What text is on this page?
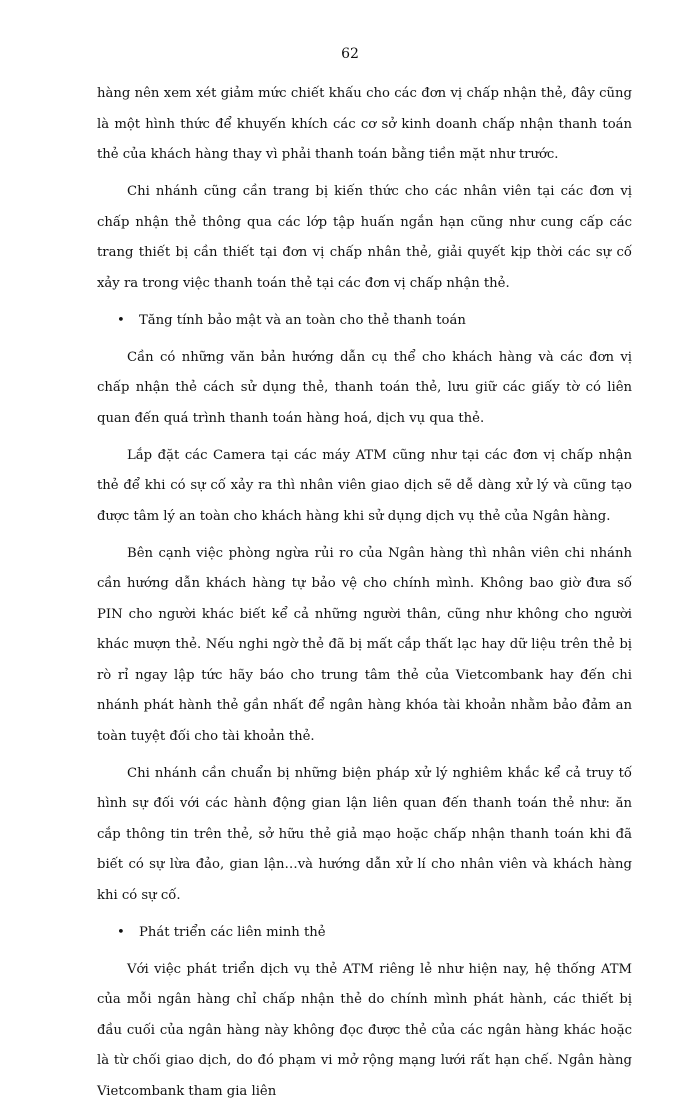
62

hàng nên xem xét giảm mức chiết khấu cho các đơn vị chấp nhận thẻ, đây cũng là một hình thức để khuyến khích các cơ sở kinh doanh chấp nhận thanh toán thẻ của khách hàng thay vì phải thanh toán bằng tiền mặt như trước.

Chi nhánh cũng cần trang bị kiến thức cho các nhân viên tại các đơn vị chấp nhận thẻ thông qua các lớp tập huấn ngắn hạn cũng như cung cấp các trang thiết bị cần thiết tại đơn vị chấp nhân thẻ, giải quyết kịp thời các sự cố xảy ra trong việc thanh toán thẻ tại các đơn vị chấp nhận thẻ.

•	Tăng tính bảo mật và an toàn cho thẻ thanh toán

Cần có những văn bản hướng dẫn cụ thể cho khách hàng và các đơn vị chấp nhận thẻ cách sử dụng thẻ, thanh toán thẻ, lưu giữ các giấy tờ có liên quan đến quá trình thanh toán hàng hoá, dịch vụ qua thẻ.

Lắp đặt các Camera tại các máy ATM cũng như tại các đơn vị chấp nhận thẻ để khi có sự cố xảy ra thì nhân viên giao dịch sẽ dễ dàng xử lý và cũng tạo được tâm lý an toàn cho khách hàng khi sử dụng dịch vụ thẻ của Ngân hàng.

Bên cạnh việc phòng ngừa rủi ro của Ngân hàng thì nhân viên chi nhánh cần hướng dẫn khách hàng tự bảo vệ cho chính mình. Không bao giờ đưa số PIN cho người khác biết kể cả những người thân, cũng như không cho người khác mượn thẻ. Nếu nghi ngờ thẻ đã bị mất cắp thất lạc hay dữ liệu trên thẻ bị rò rỉ ngay lập tức hãy báo cho trung tâm thẻ của Vietcombank hay đến chi nhánh phát hành thẻ gần nhất để ngân hàng khóa tài khoản nhằm bảo đảm an toàn tuyệt đối cho tài khoản thẻ.

Chi nhánh cần chuẩn bị những biện pháp xử lý nghiêm khắc kể cả truy tố hình sự đối với các hành động gian lận liên quan đến thanh toán thẻ như: ăn cắp thông tin trên thẻ, sở hữu thẻ giả mạo hoặc chấp nhận thanh toán khi đã biết có sự lừa đảo, gian lận…và hướng dẫn xử lí cho nhân viên và khách hàng khi có sự cố.

•	Phát triển các liên minh thẻ

Với việc phát triển dịch vụ thẻ ATM riêng lẻ như hiện nay, hệ thống ATM của mỗi ngân hàng chỉ chấp nhận thẻ do chính mình phát hành, các thiết bị đầu cuối của ngân hàng này không đọc được thẻ của các ngân hàng khác hoặc là từ chối giao dịch, do đó phạm vi mở rộng mạng lưới rất hạn chế. Ngân hàng Vietcombank tham gia liên
